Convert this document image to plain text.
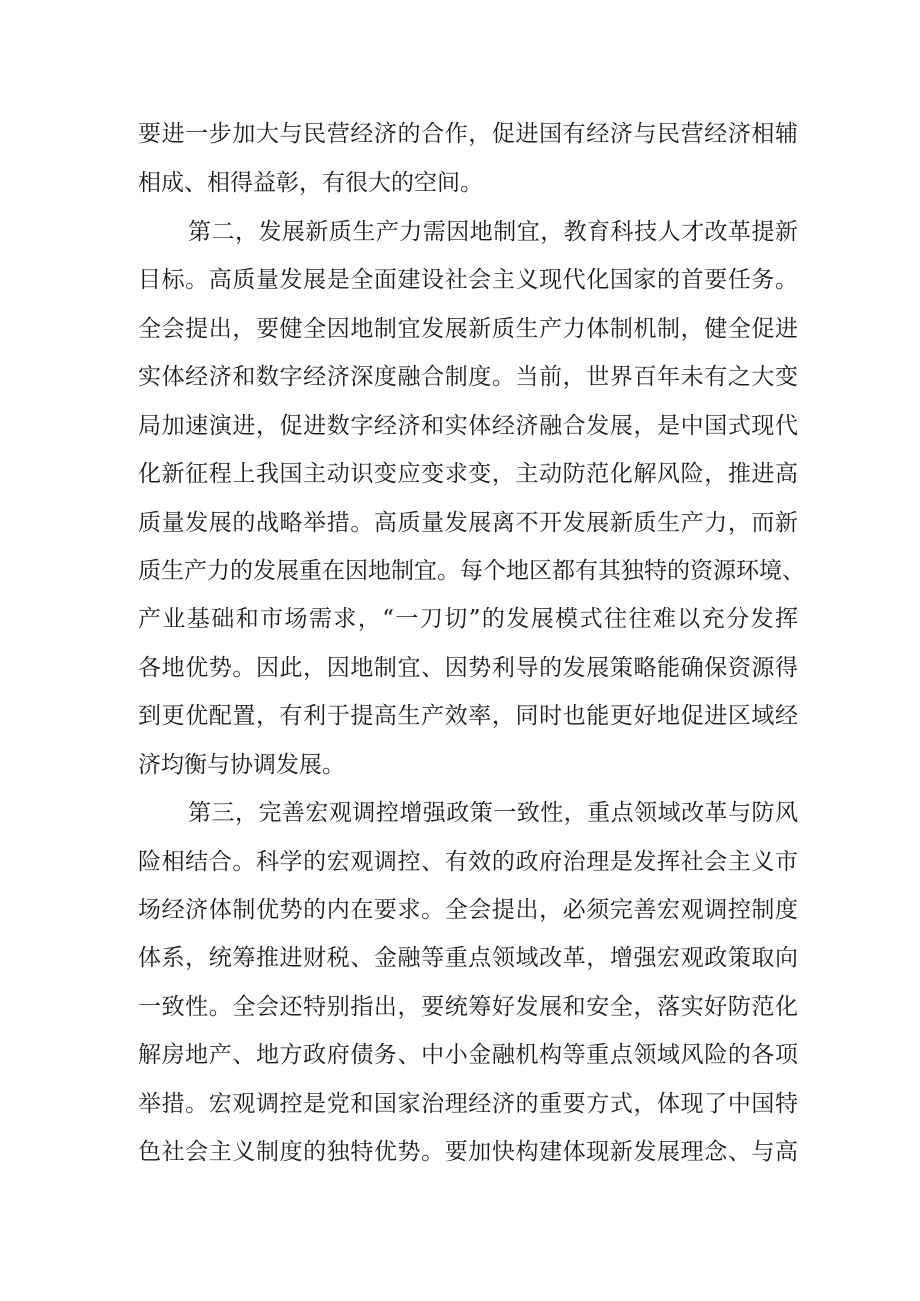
要进一步加大与民营经济的合作，促进国有经济与民营经济相辅
相成、相得益彰，有很大的空间。
第二，发展新质生产力需因地制宜，教育科技人才改革提新
目标。高质量发展是全面建设社会主义现代化国家的首要任务。
全会提出，要健全因地制宜发展新质生产力体制机制，健全促进
实体经济和数字经济深度融合制度。当前，世界百年未有之大变
局加速演进，促进数字经济和实体经济融合发展，是中国式现代
化新征程上我国主动识变应变求变，主动防范化解风险，推进高
质量发展的战略举措。高质量发展离不开发展新质生产力，而新
质生产力的发展重在因地制宜。每个地区都有其独特的资源环境、
产业基础和市场需求，“一刀切”的发展模式往往难以充分发挥
各地优势。因此，因地制宜、因势利导的发展策略能确保资源得
到更优配置，有利于提高生产效率，同时也能更好地促进区域经
济均衡与协调发展。
第三，完善宏观调控增强政策一致性，重点领域改革与防风
险相结合。科学的宏观调控、有效的政府治理是发挥社会主义市
场经济体制优势的内在要求。全会提出，必须完善宏观调控制度
体系，统筹推进财税、金融等重点领域改革，增强宏观政策取向
一致性。全会还特别指出，要统筹好发展和安全，落实好防范化
解房地产、地方政府债务、中小金融机构等重点领域风险的各项
举措。宏观调控是党和国家治理经济的重要方式，体现了中国特
色社会主义制度的独特优势。要加快构建体现新发展理念、与高
